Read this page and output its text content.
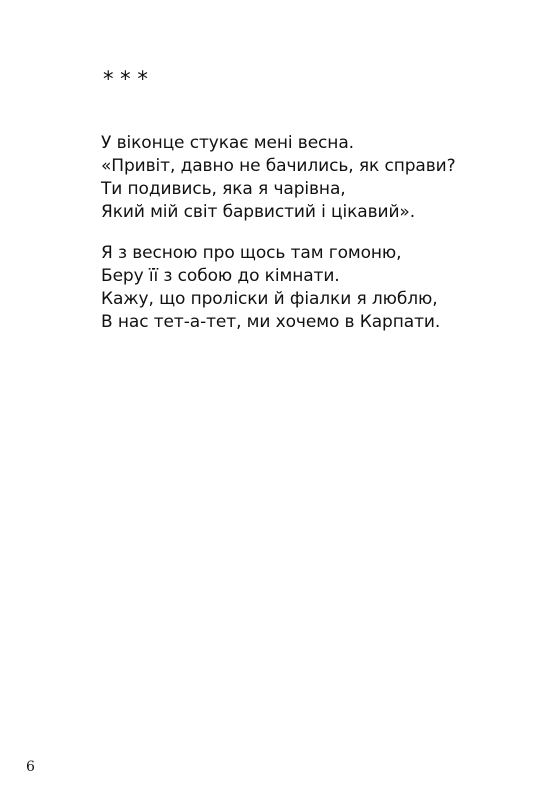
* * *
У віконце стукає мені весна.
«Привіт, давно не бачились, як справи?
Ти подивись, яка я чарівна,
Який мій світ барвистий і цікавий».
Я з весною про щось там гомоню,
Беру її з собою до кімнати.
Кажу, що проліски й фіалки я люблю,
В нас тет-а-тет, ми хочемо в Карпати.
6
